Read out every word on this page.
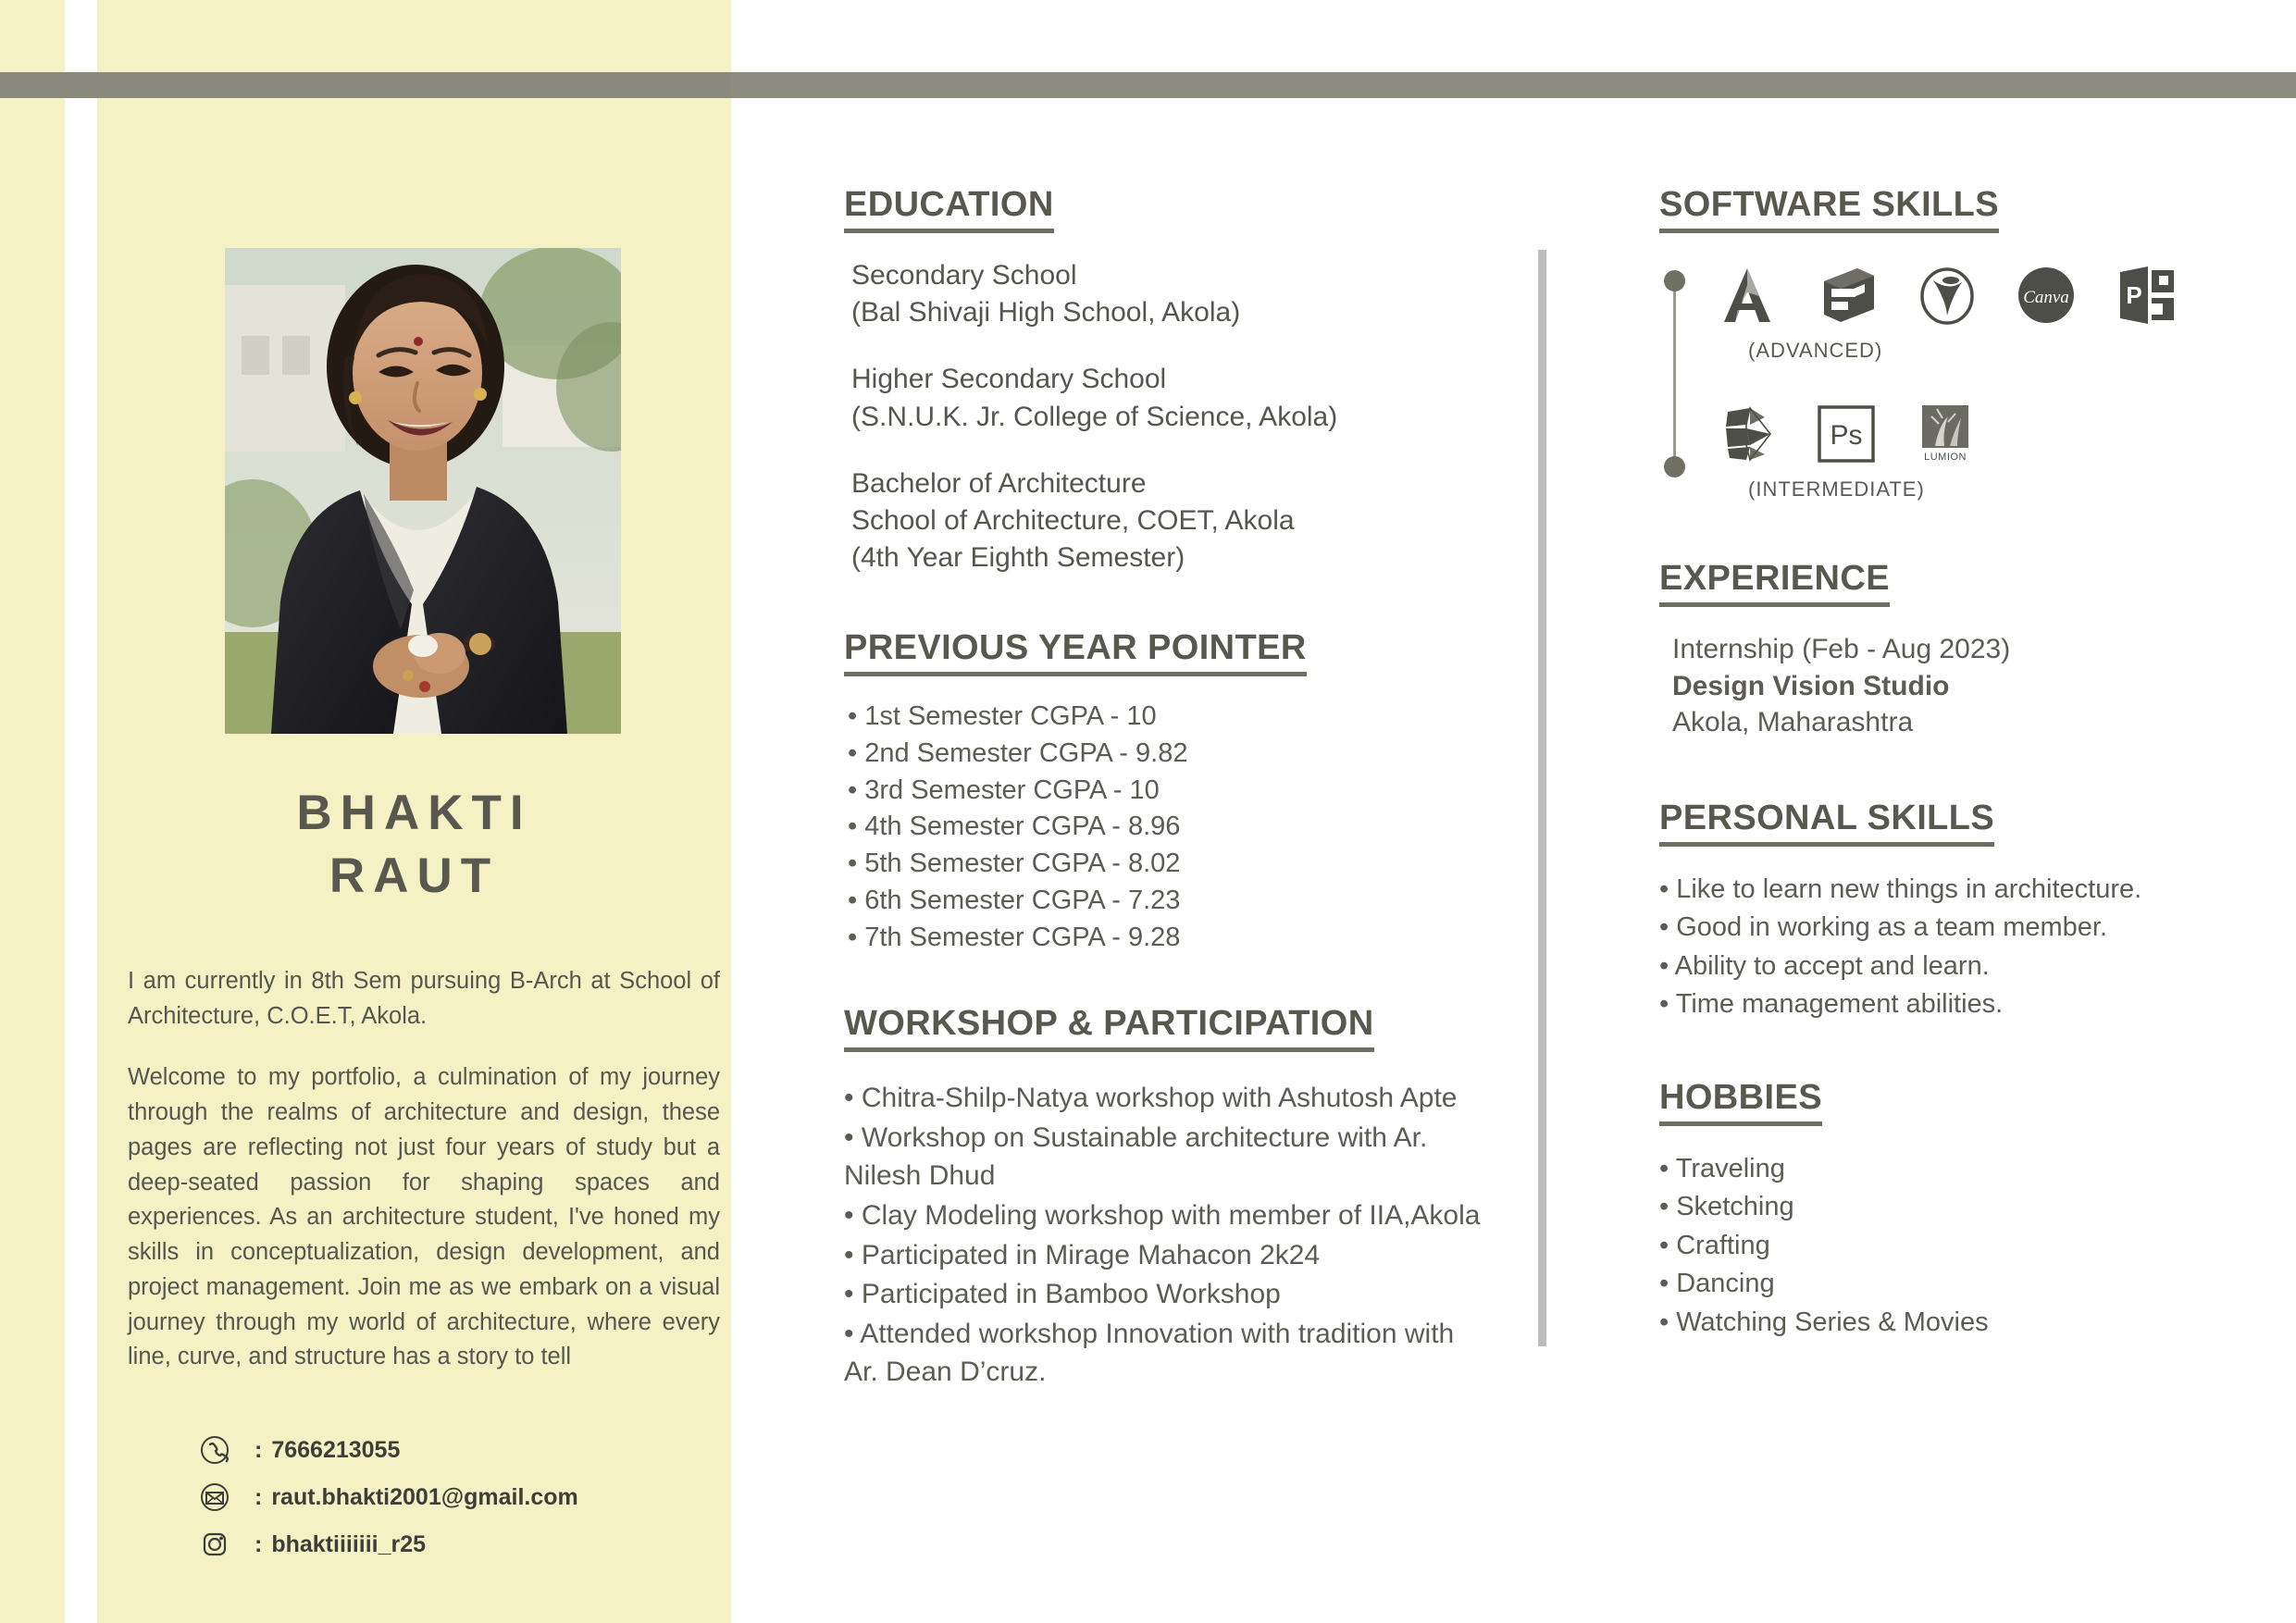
BHAKTI
RAUT

I am currently in 8th Sem pursuing B-Arch at School of Architecture, C.O.E.T, Akola.

Welcome to my portfolio, a culmination of my journey through the realms of architecture and design, these pages are reflecting not just four years of study but a deep-seated passion for shaping spaces and experiences. As an architecture student, I've honed my skills in conceptualization, design development, and project management. Join me as we embark on a visual journey through my world of architecture, where every line, curve, and structure has a story to tell

: 7666213055
: raut.bhakti2001@gmail.com
: bhaktiiiiiii_r25
EDUCATION
Secondary School
(Bal Shivaji High School, Akola)
Higher Secondary School
(S.N.U.K. Jr. College of Science, Akola)
Bachelor of Architecture
School of Architecture, COET, Akola
(4th Year Eighth Semester)
PREVIOUS YEAR POINTER
• 1st Semester CGPA - 10
• 2nd Semester CGPA - 9.82
• 3rd Semester CGPA - 10
• 4th Semester CGPA - 8.96
• 5th Semester CGPA - 8.02
• 6th Semester CGPA - 7.23
• 7th Semester CGPA - 9.28
WORKSHOP & PARTICIPATION
• Chitra-Shilp-Natya workshop with Ashutosh Apte
• Workshop on Sustainable architecture with Ar. Nilesh Dhud
• Clay Modeling workshop with member of IIA,Akola
• Participated in Mirage Mahacon 2k24
• Participated in Bamboo Workshop
• Attended workshop Innovation with tradition with Ar. Dean D’cruz.
SOFTWARE SKILLS
Canva P
(ADVANCED)
Ps
LUMION
(INTERMEDIATE)
EXPERIENCE
Internship (Feb - Aug 2023)
Design Vision Studio
Akola, Maharashtra
PERSONAL SKILLS
• Like to learn new things in architecture.
• Good in working as a team member.
• Ability to accept and learn.
• Time management abilities.
HOBBIES
• Traveling
• Sketching
• Crafting
• Dancing
• Watching Series & Movies
